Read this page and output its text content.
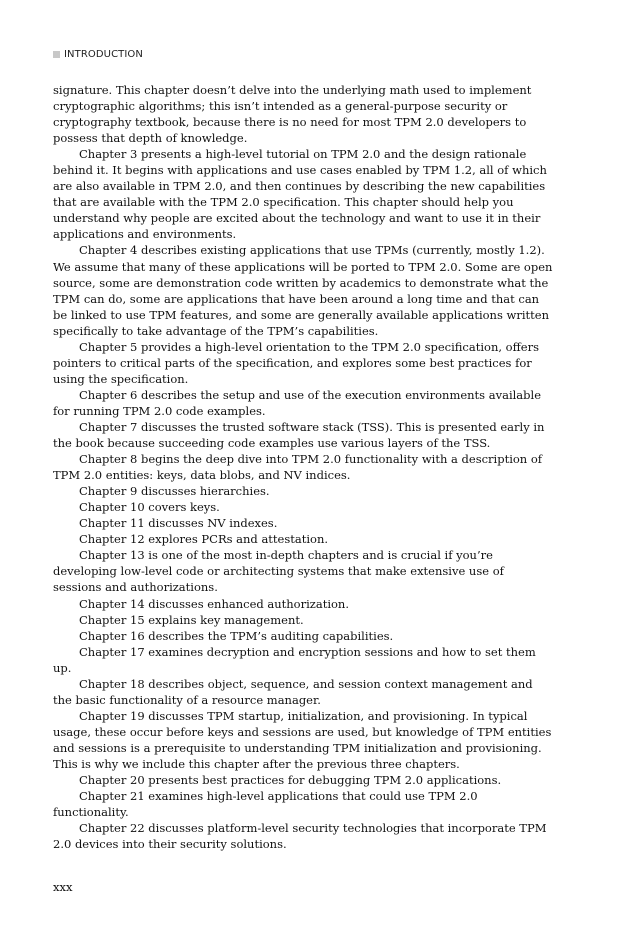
INTRODUCTION

signature. This chapter doesn’t delve into the underlying math used to implement cryptographic algorithms; this isn’t intended as a general-purpose security or cryptography textbook, because there is no need for most TPM 2.0 developers to possess that depth of knowledge.

Chapter 3 presents a high-level tutorial on TPM 2.0 and the design rationale behind it. It begins with applications and use cases enabled by TPM 1.2, all of which are also available in TPM 2.0, and then continues by describing the new capabilities that are available with the TPM 2.0 specification. This chapter should help you understand why people are excited about the technology and want to use it in their applications and environments.

Chapter 4 describes existing applications that use TPMs (currently, mostly 1.2). We assume that many of these applications will be ported to TPM 2.0. Some are open source, some are demonstration code written by academics to demonstrate what the TPM can do, some are applications that have been around a long time and that can be linked to use TPM features, and some are generally available applications written specifically to take advantage of the TPM’s capabilities.

Chapter 5 provides a high-level orientation to the TPM 2.0 specification, offers pointers to critical parts of the specification, and explores some best practices for using the specification.

Chapter 6 describes the setup and use of the execution environments available for running TPM 2.0 code examples.

Chapter 7 discusses the trusted software stack (TSS). This is presented early in the book because succeeding code examples use various layers of the TSS.

Chapter 8 begins the deep dive into TPM 2.0 functionality with a description of TPM 2.0 entities: keys, data blobs, and NV indices.

Chapter 9 discusses hierarchies.

Chapter 10 covers keys.

Chapter 11 discusses NV indexes.

Chapter 12 explores PCRs and attestation.

Chapter 13 is one of the most in-depth chapters and is crucial if you’re developing low-level code or architecting systems that make extensive use of sessions and authorizations.

Chapter 14 discusses enhanced authorization.

Chapter 15 explains key management.

Chapter 16 describes the TPM’s auditing capabilities.

Chapter 17 examines decryption and encryption sessions and how to set them up.

Chapter 18 describes object, sequence, and session context management and the basic functionality of a resource manager.

Chapter 19 discusses TPM startup, initialization, and provisioning. In typical usage, these occur before keys and sessions are used, but knowledge of TPM entities and sessions is a prerequisite to understanding TPM initialization and provisioning. This is why we include this chapter after the previous three chapters.

Chapter 20 presents best practices for debugging TPM 2.0 applications.

Chapter 21 examines high-level applications that could use TPM 2.0 functionality.

Chapter 22 discusses platform-level security technologies that incorporate TPM 2.0 devices into their security solutions.

xxx
